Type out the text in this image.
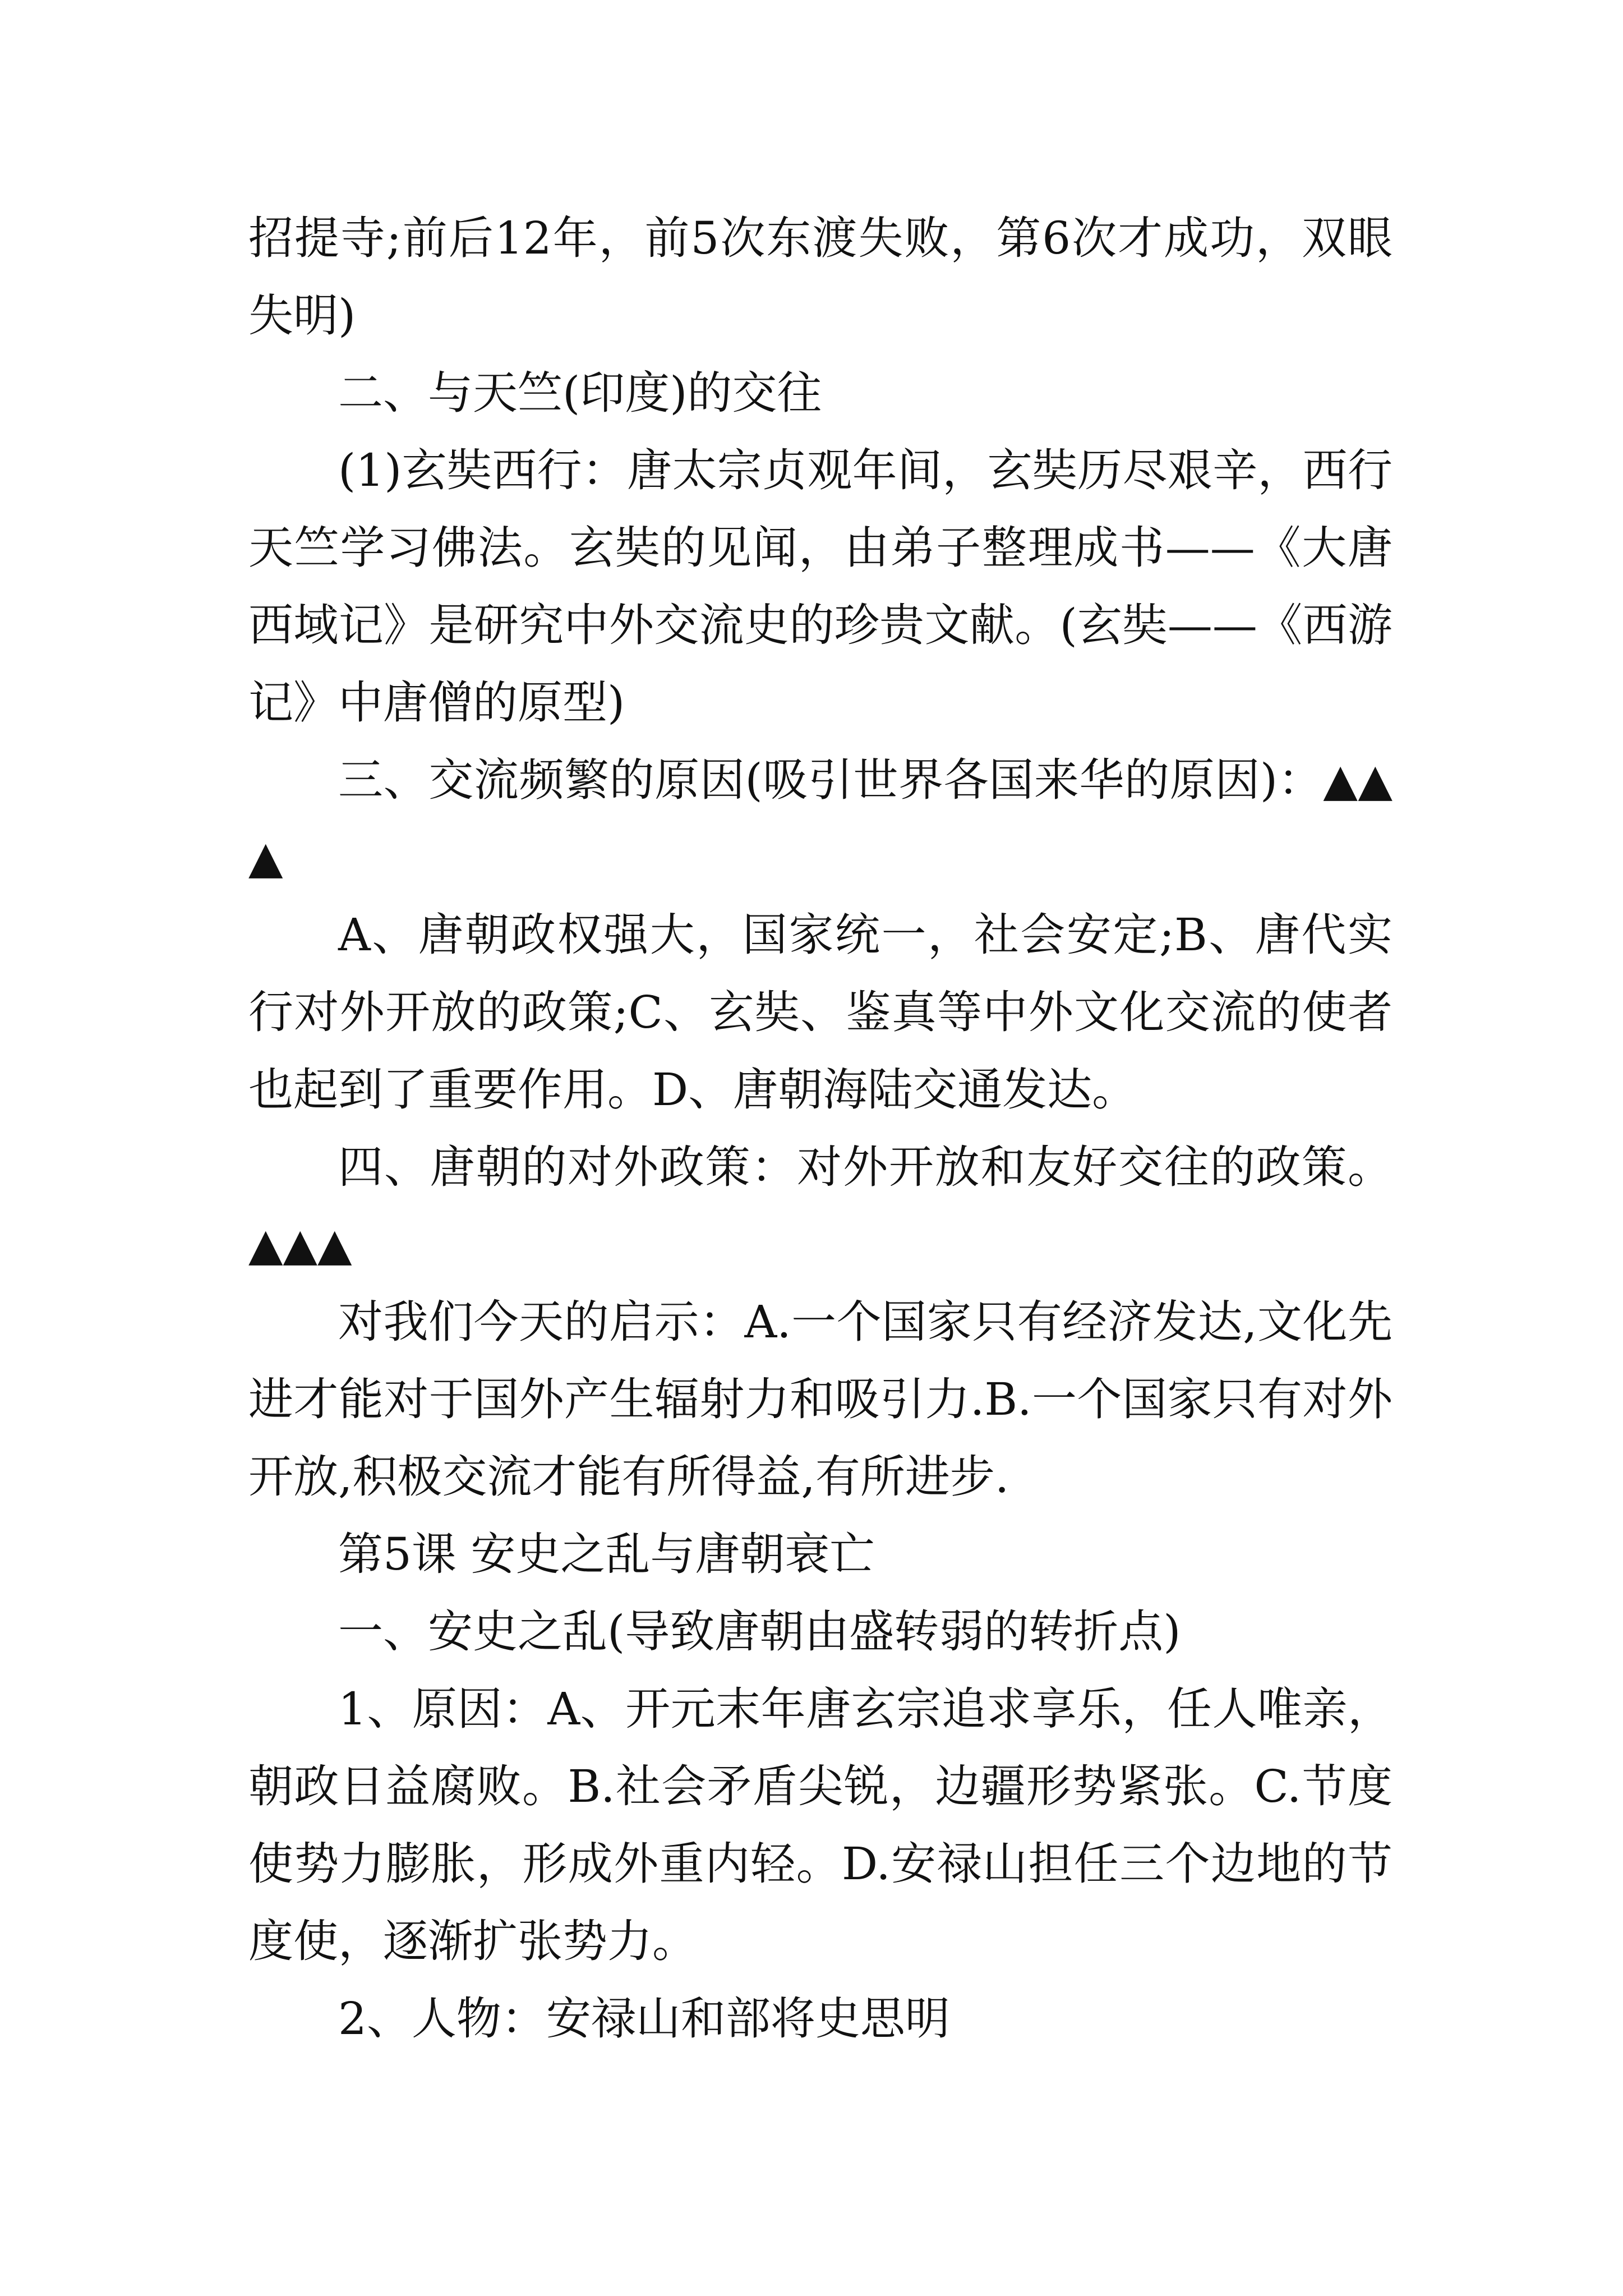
招提寺;前后12年，前5次东渡失败，第6次才成功，双眼失明)

二、与天竺(印度)的交往

(1)玄奘西行：唐太宗贞观年间，玄奘历尽艰辛，西行天竺学习佛法。玄奘的见闻，由弟子整理成书——《大唐西域记》是研究中外交流史的珍贵文献。(玄奘——《西游记》中唐僧的原型)

三、交流频繁的原因(吸引世界各国来华的原因)：▲▲▲

A、唐朝政权强大，国家统一，社会安定;B、唐代实行对外开放的政策;C、玄奘、鉴真等中外文化交流的使者也起到了重要作用。D、唐朝海陆交通发达。

四、唐朝的对外政策：对外开放和友好交往的政策。▲▲▲

对我们今天的启示：A.一个国家只有经济发达,文化先进才能对于国外产生辐射力和吸引力.B.一个国家只有对外开放,积极交流才能有所得益,有所进步.

第5课 安史之乱与唐朝衰亡

一、安史之乱(导致唐朝由盛转弱的转折点)

1、原因：A、开元末年唐玄宗追求享乐，任人唯亲，朝政日益腐败。B.社会矛盾尖锐，边疆形势紧张。C.节度使势力膨胀，形成外重内轻。D.安禄山担任三个边地的节度使，逐渐扩张势力。

2、人物：安禄山和部将史思明
